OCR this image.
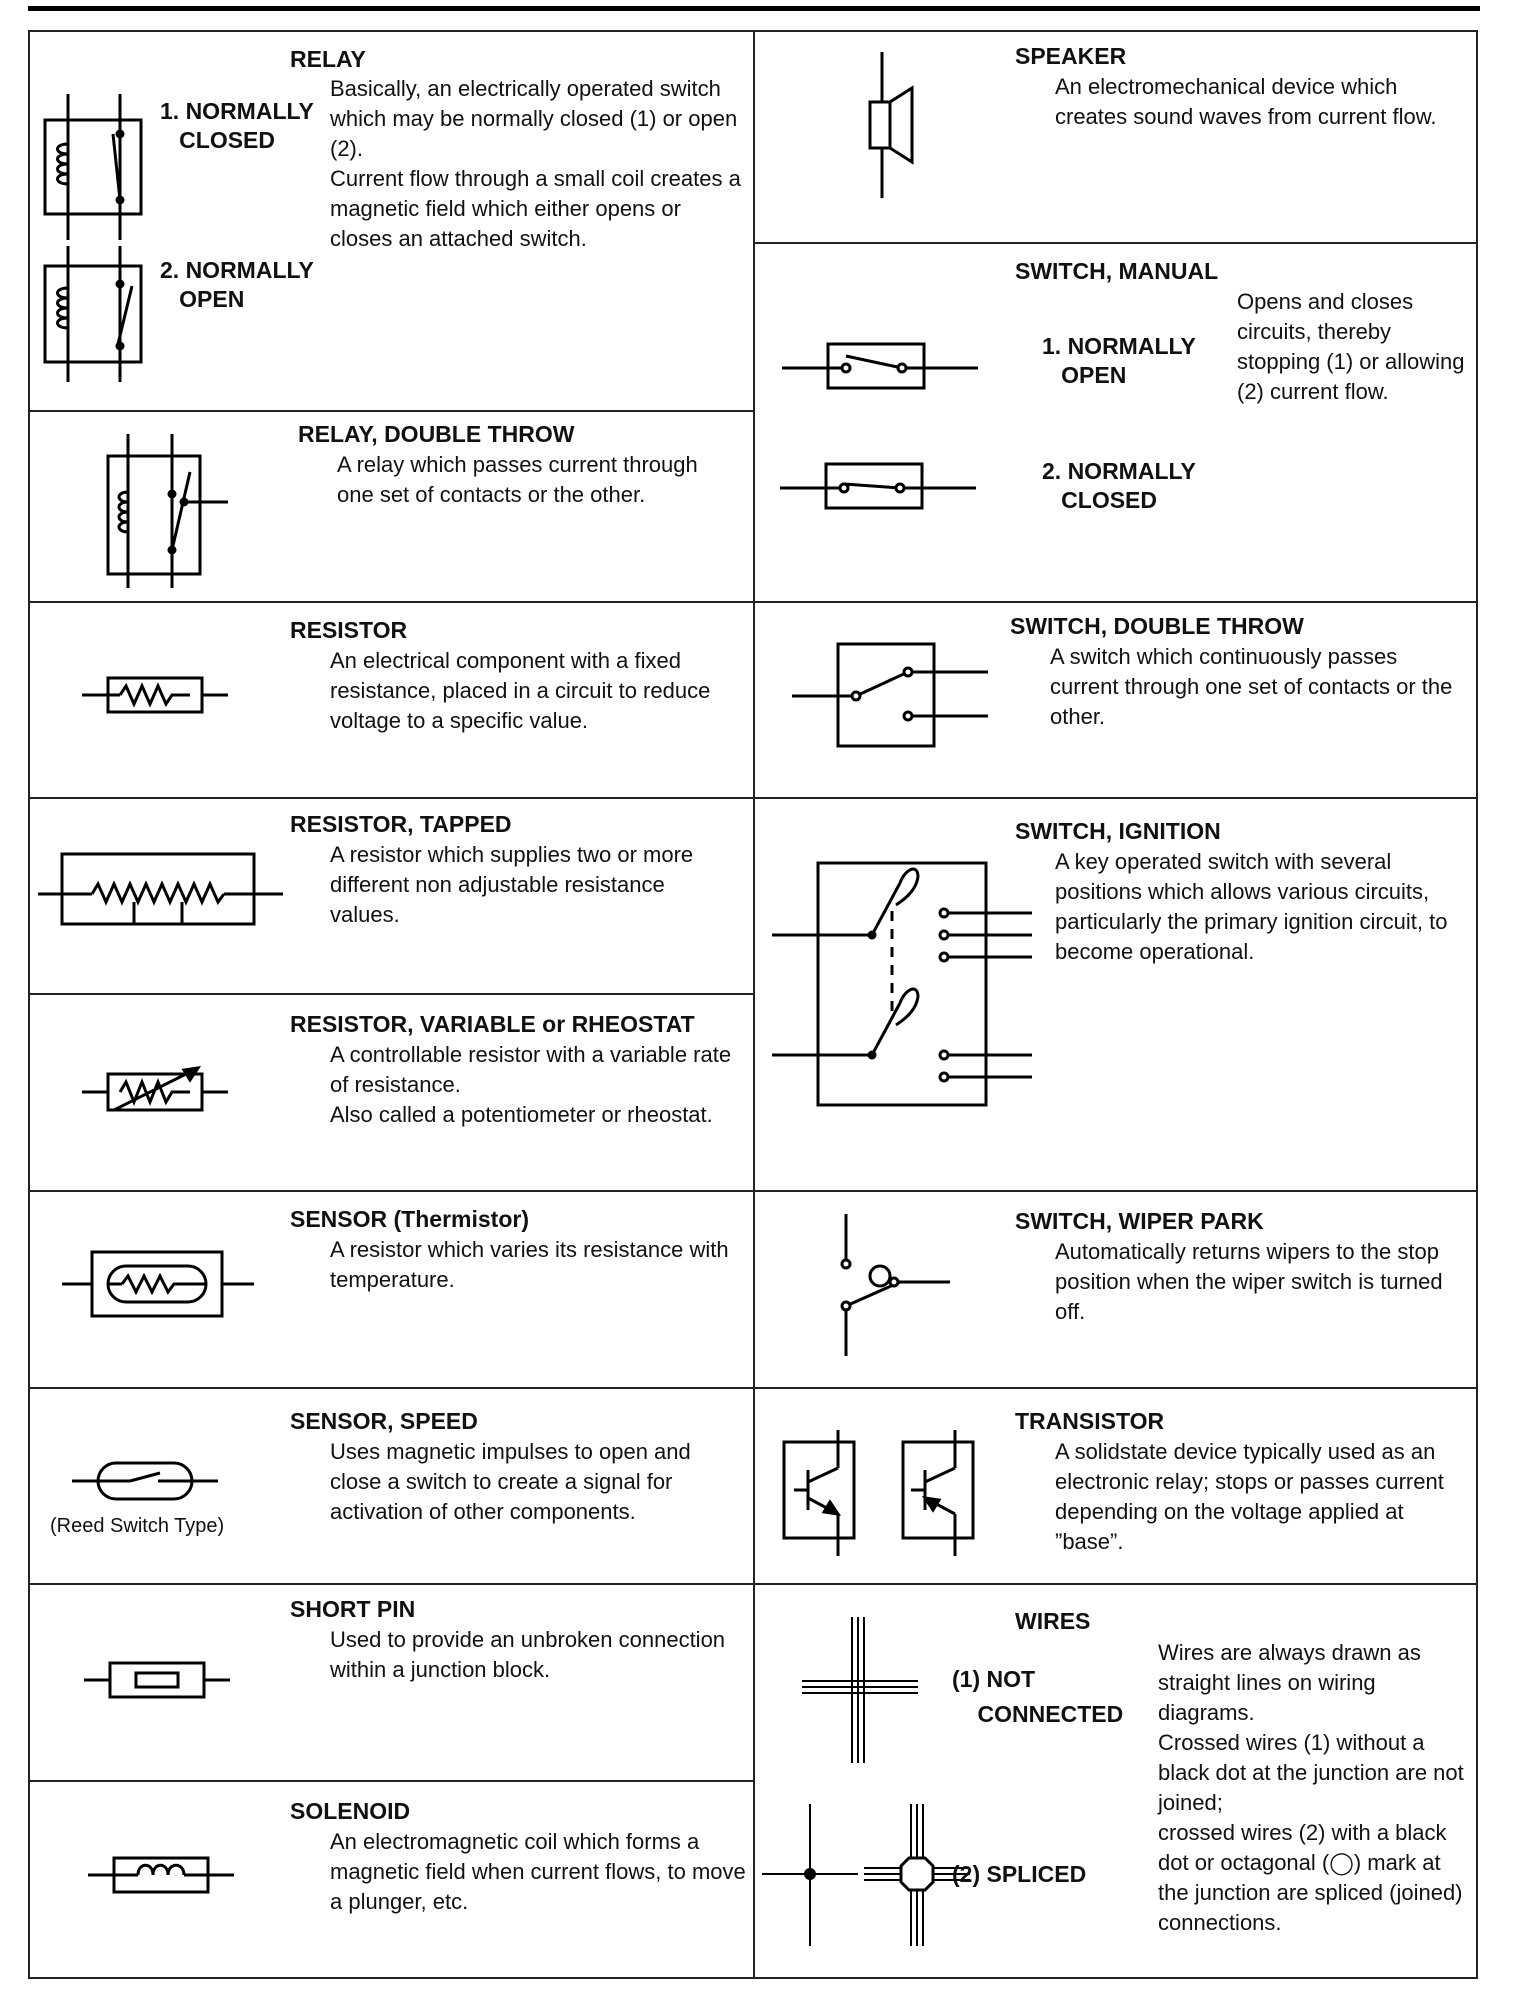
RELAY
1. NORMALLY
CLOSED
2. NORMALLY
OPEN
Basically, an electrically operated switch which may be normally closed (1) or open (2).
Current flow through a small coil creates a magnetic field which either opens or closes an attached switch.
RELAY, DOUBLE THROW
A relay which passes current through one set of contacts or the other.
RESISTOR
An electrical component with a fixed resistance, placed in a circuit to reduce voltage to a specific value.
RESISTOR, TAPPED
A resistor which supplies two or more different non adjustable resistance values.
RESISTOR, VARIABLE or RHEOSTAT
A controllable resistor with a variable rate of resistance.
Also called a potentiometer or rheostat.
SENSOR (Thermistor)
A resistor which varies its resistance with temperature.
(Reed Switch Type)
SENSOR, SPEED
Uses magnetic impulses to open and close a switch to create a signal for activation of other components.
SHORT PIN
Used to provide an unbroken connection within a junction block.
SOLENOID
An electromagnetic coil which forms a magnetic field when current flows, to move a plunger, etc.
SPEAKER
An electromechanical device which creates sound waves from current flow.
SWITCH, MANUAL
1. NORMALLY
OPEN
2. NORMALLY
CLOSED
Opens and closes circuits, thereby stopping (1) or allowing (2) current flow.
SWITCH, DOUBLE THROW
A switch which continuously passes current through one set of contacts or the other.
SWITCH, IGNITION
A key operated switch with several positions which allows various circuits, particularly the primary ignition circuit, to become operational.
SWITCH, WIPER PARK
Automatically returns wipers to the stop position when the wiper switch is turned off.
TRANSISTOR
A solidstate device typically used as an electronic relay; stops or passes current depending on the voltage applied at ”base”.
WIRES
(1) NOT
CONNECTED
(2) SPLICED
Wires are always drawn as straight lines on wiring diagrams.
Crossed wires (1) without a black dot at the junction are not joined;
crossed wires (2) with a black dot or octagonal (◯) mark at the junction are spliced (joined) connections.
